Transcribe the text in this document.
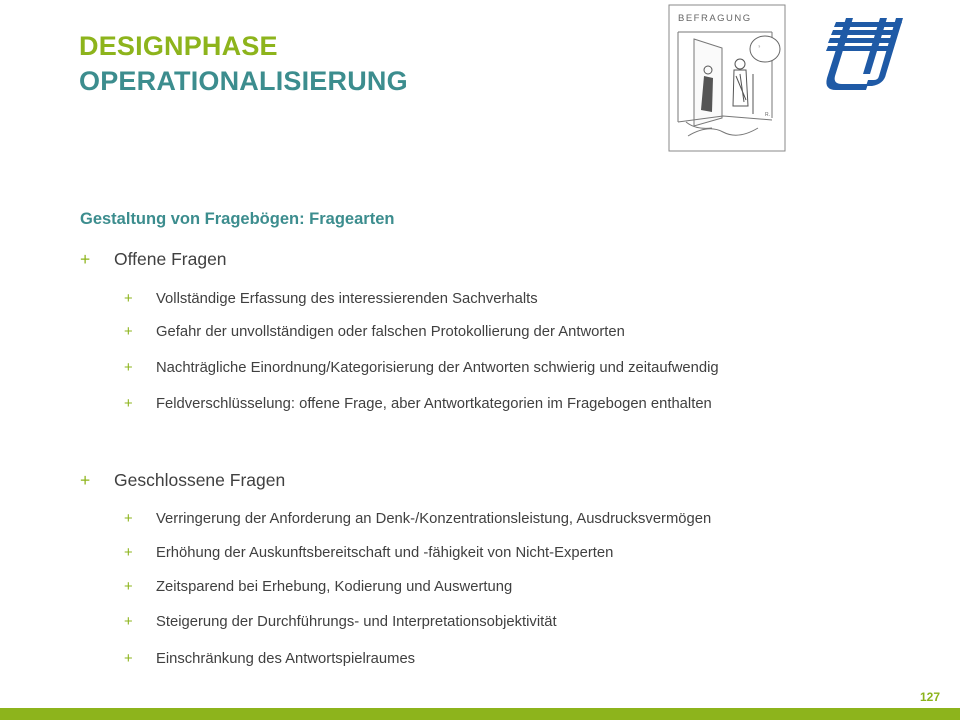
DESIGNPHASE
OPERATIONALISIERUNG
BEFRAGUNG
?
R.
Gestaltung von Fragebögen: Fragearten
+ Offene Fragen
+ Vollständige Erfassung des interessierenden Sachverhalts
+ Gefahr der unvollständigen oder falschen Protokollierung der Antworten
+ Nachträgliche Einordnung/Kategorisierung der Antworten schwierig und zeitaufwendig
+ Feldverschlüsselung: offene Frage, aber Antwortkategorien im Fragebogen enthalten
+ Geschlossene Fragen
+ Verringerung der Anforderung an Denk-/Konzentrationsleistung, Ausdrucksvermögen
+ Erhöhung der Auskunftsbereitschaft und -fähigkeit von Nicht-Experten
+ Zeitsparend bei Erhebung, Kodierung und Auswertung
+ Steigerung der Durchführungs- und Interpretationsobjektivität
+ Einschränkung des Antwortspielraumes
127
